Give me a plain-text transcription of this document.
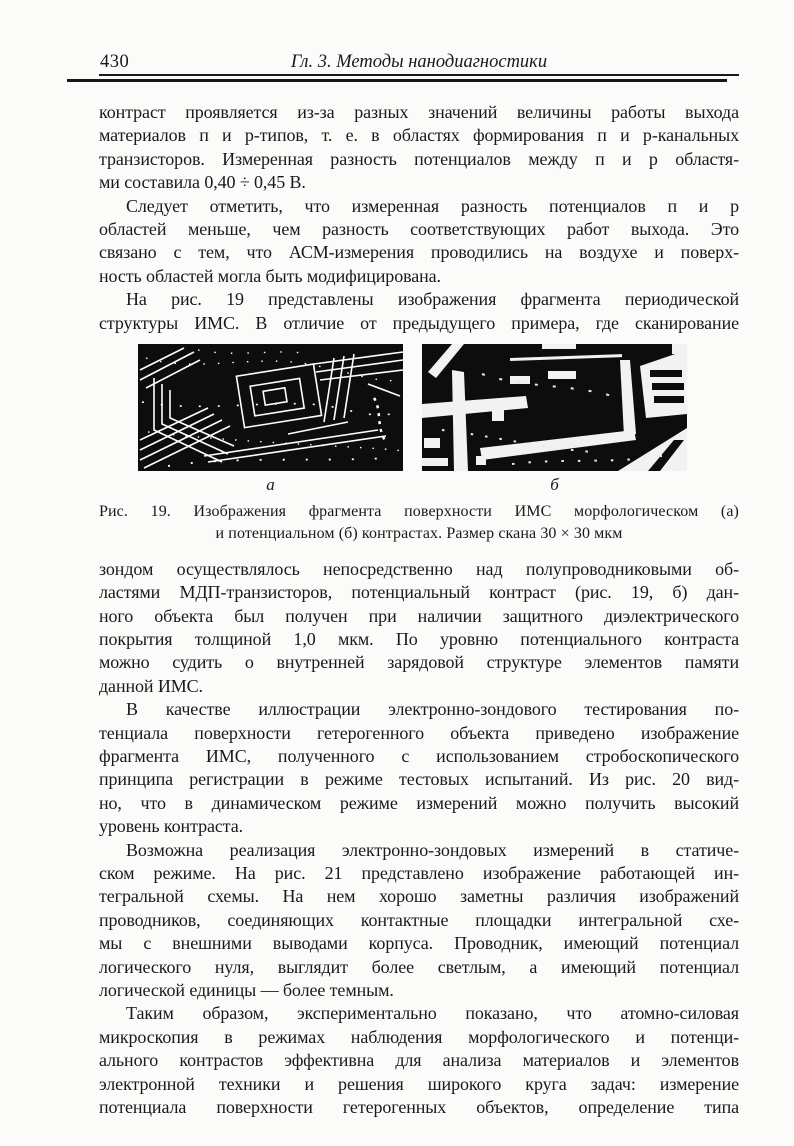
430	Гл. 3. Методы нанодиагностики
контраст проявляется из-за разных значений величины работы выхода
материалов п и р-типов, т. е. в областях формирования п и р-канальных
транзисторов. Измеренная разность потенциалов между п и р областя-
ми составила 0,40 ÷ 0,45 В.
Следует отметить, что измеренная разность потенциалов п и р
областей меньше, чем разность соответствующих работ выхода. Это
связано с тем, что АСМ-измерения проводились на воздухе и поверх-
ность областей могла быть модифицирована.
На рис. 19 представлены изображения фрагмента периодической
структуры ИМС. В отличие от предыдущего примера, где сканирование
а	б
Рис. 19. Изображения фрагмента поверхности ИМС морфологическом (а)
и потенциальном (б) контрастах. Размер скана 30 × 30 мкм
зондом осуществлялось непосредственно над полупроводниковыми об-
ластями МДП-транзисторов, потенциальный контраст (рис. 19, б) дан-
ного объекта был получен при наличии защитного диэлектрического
покрытия толщиной 1,0 мкм. По уровню потенциального контраста
можно судить о внутренней зарядовой структуре элементов памяти
данной ИМС.
В качестве иллюстрации электронно-зондового тестирования по-
тенциала поверхности гетерогенного объекта приведено изображение
фрагмента ИМС, полученного с использованием стробоскопического
принципа регистрации в режиме тестовых испытаний. Из рис. 20 вид-
но, что в динамическом режиме измерений можно получить высокий
уровень контраста.
Возможна реализация электронно-зондовых измерений в статиче-
ском режиме. На рис. 21 представлено изображение работающей ин-
тегральной схемы. На нем хорошо заметны различия изображений
проводников, соединяющих контактные площадки интегральной схе-
мы с внешними выводами корпуса. Проводник, имеющий потенциал
логического нуля, выглядит более светлым, а имеющий потенциал
логической единицы — более темным.
Таким образом, экспериментально показано, что атомно-силовая
микроскопия в режимах наблюдения морфологического и потенци-
ального контрастов эффективна для анализа материалов и элементов
электронной техники и решения широкого круга задач: измерение
потенциала поверхности гетерогенных объектов, определение типа
